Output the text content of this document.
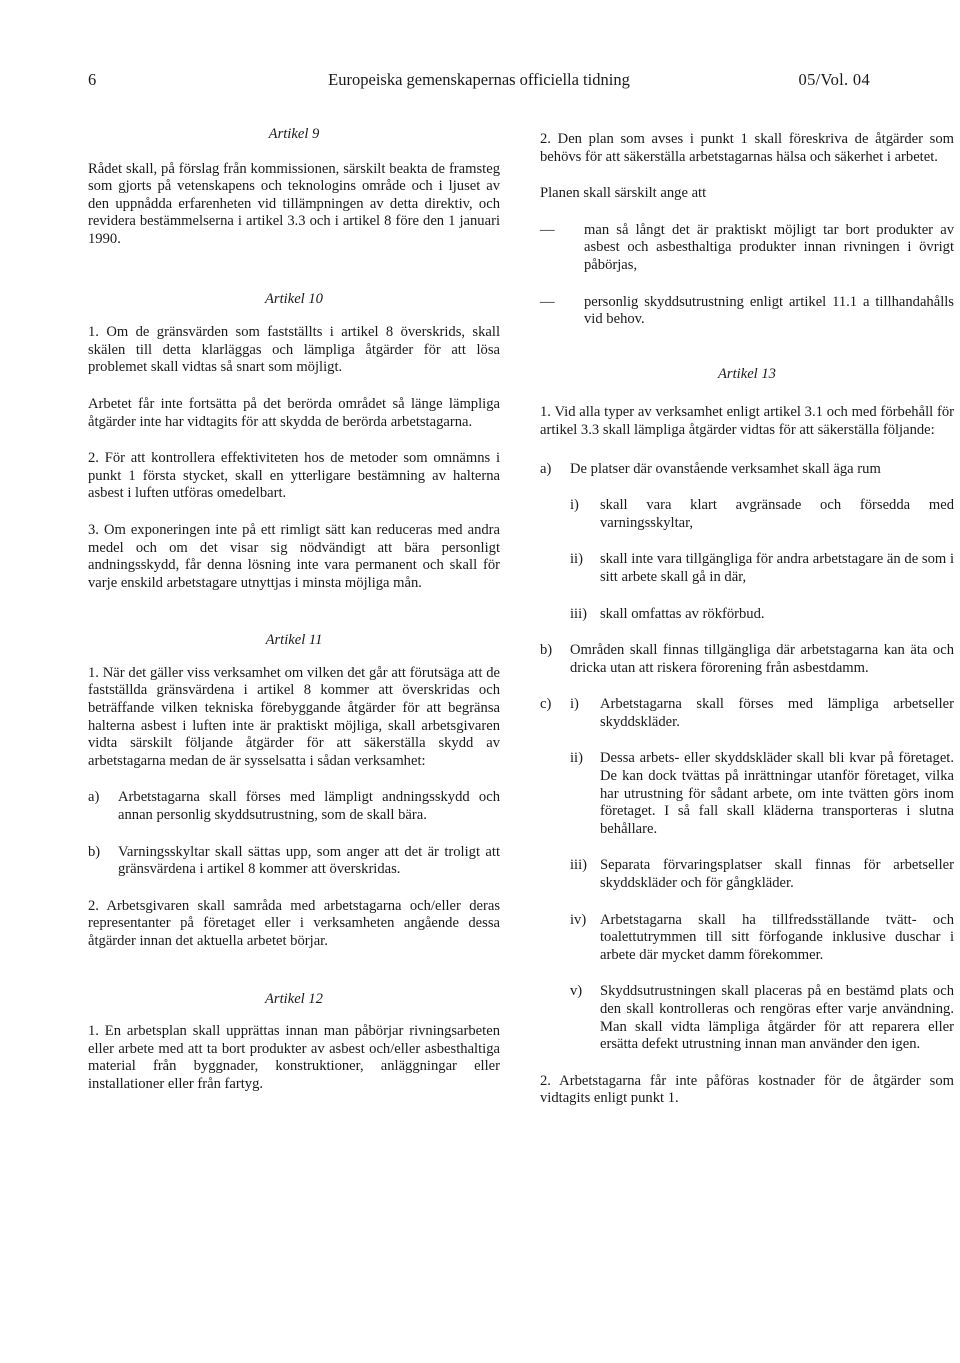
6	Europeiska gemenskapernas officiella tidning	05/Vol. 04

Artikel 9

Rådet skall, på förslag från kommissionen, särskilt beakta de framsteg som gjorts på vetenskapens och teknologins område och i ljuset av den uppnådda erfarenheten vid tillämpningen av detta direktiv, och revidera bestämmelserna i artikel 3.3 och i artikel 8 före den 1 januari 1990.

Artikel 10

1. Om de gränsvärden som fastställts i artikel 8 överskrids, skall skälen till detta klarläggas och lämpliga åtgärder för att lösa problemet skall vidtas så snart som möjligt.

Arbetet får inte fortsätta på det berörda området så länge lämpliga åtgärder inte har vidtagits för att skydda de berörda arbetstagarna.

2. För att kontrollera effektiviteten hos de metoder som omnämns i punkt 1 första stycket, skall en ytterligare bestämning av halterna asbest i luften utföras omedelbart.

3. Om exponeringen inte på ett rimligt sätt kan reduceras med andra medel och om det visar sig nödvändigt att bära personligt andningsskydd, får denna lösning inte vara permanent och skall för varje enskild arbetstagare utnyttjas i minsta möjliga mån.

Artikel 11

1. När det gäller viss verksamhet om vilken det går att förutsäga att de fastställda gränsvärdena i artikel 8 kommer att överskridas och beträffande vilken tekniska förebyggande åtgärder för att begränsa halterna asbest i luften inte är praktiskt möjliga, skall arbetsgivaren vidta särskilt följande åtgärder för att säkerställa skydd av arbetstagarna medan de är sysselsatta i sådan verksamhet:

a)	Arbetstagarna skall förses med lämpligt andningsskydd och annan personlig skyddsutrustning, som de skall bära.
b)	Varningsskyltar skall sättas upp, som anger att det är troligt att gränsvärdena i artikel 8 kommer att överskridas.

2. Arbetsgivaren skall samråda med arbetstagarna och/eller deras representanter på företaget eller i verksamheten angående dessa åtgärder innan det aktuella arbetet börjar.

Artikel 12

1. En arbetsplan skall upprättas innan man påbörjar rivningsarbeten eller arbete med att ta bort produkter av asbest och/eller asbesthaltiga material från byggnader, konstruktioner, anläggningar eller installationer eller från fartyg.

2. Den plan som avses i punkt 1 skall föreskriva de åtgärder som behövs för att säkerställa arbetstagarnas hälsa och säkerhet i arbetet.

Planen skall särskilt ange att

—	man så långt det är praktiskt möjligt tar bort produkter av asbest och asbesthaltiga produkter innan rivningen i övrigt påbörjas,
—	personlig skyddsutrustning enligt artikel 11.1 a tillhandahålls vid behov.

Artikel 13

1. Vid alla typer av verksamhet enligt artikel 3.1 och med förbehåll för artikel 3.3 skall lämpliga åtgärder vidtas för att säkerställa följande:

a)	De platser där ovanstående verksamhet skall äga rum
i)	skall vara klart avgränsade och försedda med varningsskyltar,
ii)	skall inte vara tillgängliga för andra arbetstagare än de som i sitt arbete skall gå in där,
iii) skall omfattas av rökförbud.
b)	Områden skall finnas tillgängliga där arbetstagarna kan äta och dricka utan att riskera förorening från asbestdamm.
c)	i)	Arbetstagarna skall förses med lämpliga arbetseller skyddskläder.
ii)	Dessa arbets- eller skyddskläder skall bli kvar på företaget. De kan dock tvättas på inrättningar utanför företaget, vilka har utrustning för sådant arbete, om inte tvätten görs inom företaget. I så fall skall kläderna transporteras i slutna behållare.
iii) Separata förvaringsplatser skall finnas för arbetseller skyddskläder och för gångkläder.
iv) Arbetstagarna skall ha tillfredsställande tvätt- och toalettutrymmen till sitt förfogande inklusive duschar i arbete där mycket damm förekommer.
v)	Skyddsutrustningen skall placeras på en bestämd plats och den skall kontrolleras och rengöras efter varje användning. Man skall vidta lämpliga åtgärder för att reparera eller ersätta defekt utrustning innan man använder den igen.

2. Arbetstagarna får inte påföras kostnader för de åtgärder som vidtagits enligt punkt 1.
